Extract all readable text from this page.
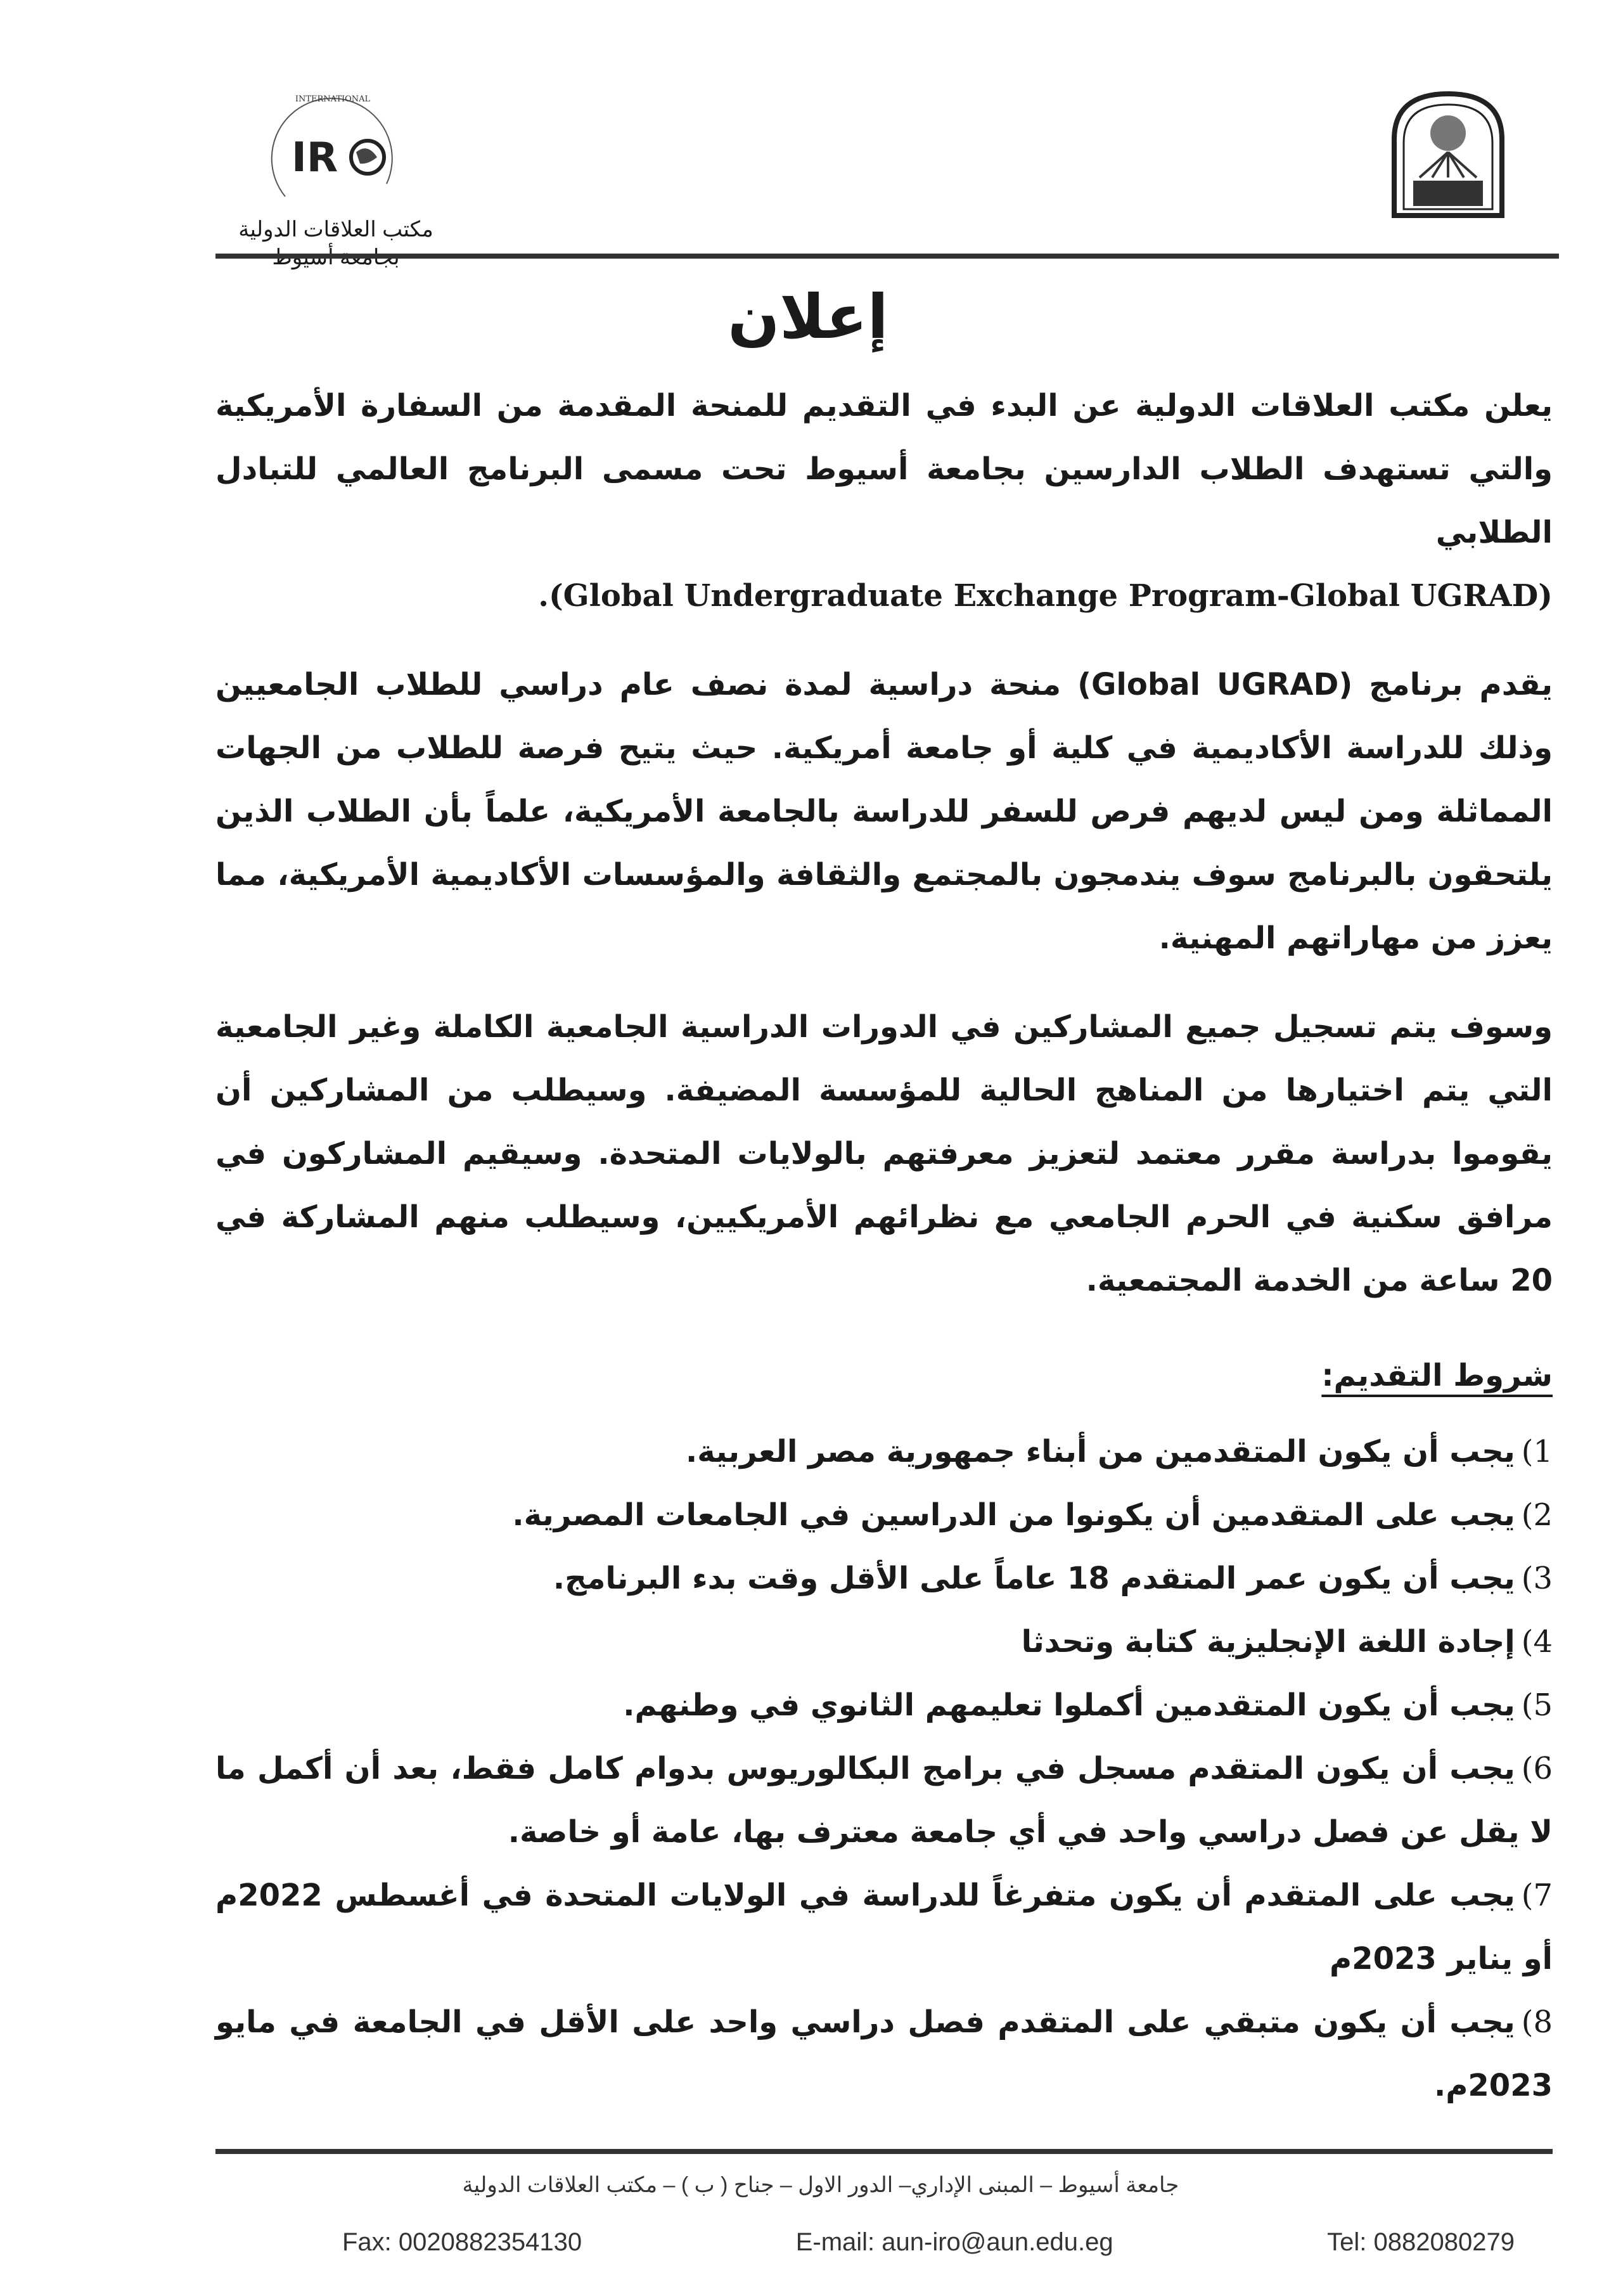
INTERNATIONAL
IR
مكتب العلاقات الدولية
إعلان
يعلن مكتب العلاقات الدولية عن البدء في التقديم للمنحة المقدمة من السفارة الأمريكية والتي تستهدف الطلاب الدارسين بجامعة أسيوط تحت مسمى البرنامج العالمي للتبادل الطلابي
(Global Undergraduate Exchange Program-Global UGRAD).
يقدم برنامج (Global UGRAD) منحة دراسية لمدة نصف عام دراسي للطلاب الجامعيين وذلك للدراسة الأكاديمية في كلية أو جامعة أمريكية. حيث يتيح فرصة للطلاب من الجهات المماثلة ومن ليس لديهم فرص للسفر للدراسة بالجامعة الأمريكية، علماً بأن الطلاب الذين يلتحقون بالبرنامج سوف يندمجون بالمجتمع والثقافة والمؤسسات الأكاديمية الأمريكية، مما يعزز من مهاراتهم المهنية.
وسوف يتم تسجيل جميع المشاركين في الدورات الدراسية الجامعية الكاملة وغير الجامعية التي يتم اختيارها من المناهج الحالية للمؤسسة المضيفة. وسيطلب من المشاركين أن يقوموا بدراسة مقرر معتمد لتعزيز معرفتهم بالولايات المتحدة. وسيقيم المشاركون في مرافق سكنية في الحرم الجامعي مع نظرائهم الأمريكيين، وسيطلب منهم المشاركة في 20 ساعة من الخدمة المجتمعية.
شروط التقديم:
1)يجب أن يكون المتقدمين من أبناء جمهورية مصر العربية.
2)يجب على المتقدمين أن يكونوا من الدراسين في الجامعات المصرية.
3)يجب أن يكون عمر المتقدم 18 عاماً على الأقل وقت بدء البرنامج.
4)إجادة اللغة الإنجليزية كتابة وتحدثا
5)يجب أن يكون المتقدمين أكملوا تعليمهم الثانوي في وطنهم.
6)يجب أن يكون المتقدم مسجل في برامج البكالوريوس بدوام كامل فقط، بعد أن أكمل ما لا يقل عن فصل دراسي واحد في أي جامعة معترف بها، عامة أو خاصة.
7)يجب على المتقدم أن يكون متفرغاً للدراسة في الولايات المتحدة في أغسطس 2022م أو يناير 2023م
8)يجب أن يكون متبقي على المتقدم فصل دراسي واحد على الأقل في الجامعة في مايو 2023م.
جامعة أسيوط – المبنى الإداري– الدور الاول – جناح ( ب ) – مكتب العلاقات الدولية
Fax: 0020882354130	E-mail: aun-iro@aun.edu.eg	Tel: 0882080279
